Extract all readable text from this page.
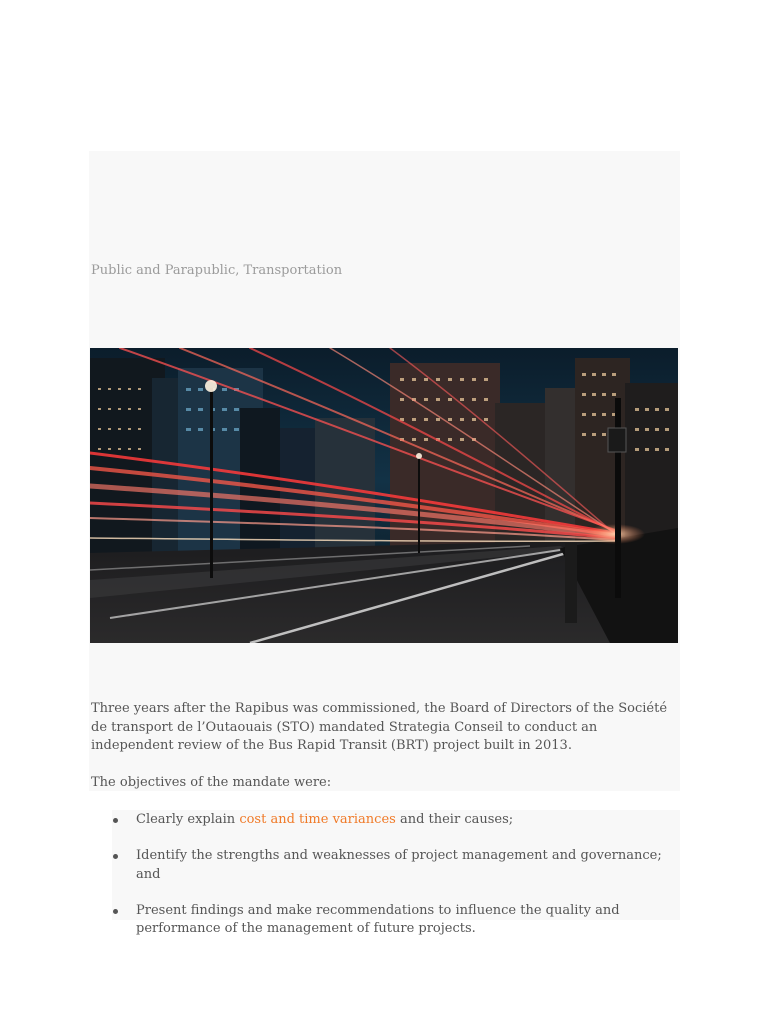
Public and Parapublic, Transportation

Three years after the Rapibus was commissioned, the Board of Directors of the Société de transport de l’Outaouais (STO) mandated Strategia Conseil to conduct an independent review of the Bus Rapid Transit (BRT) project built in 2013.

The objectives of the mandate were:

Clearly explain cost and time variances and their causes;
Identify the strengths and weaknesses of project management and governance; and
Present findings and make recommendations to influence the quality and performance of the management of future projects.
